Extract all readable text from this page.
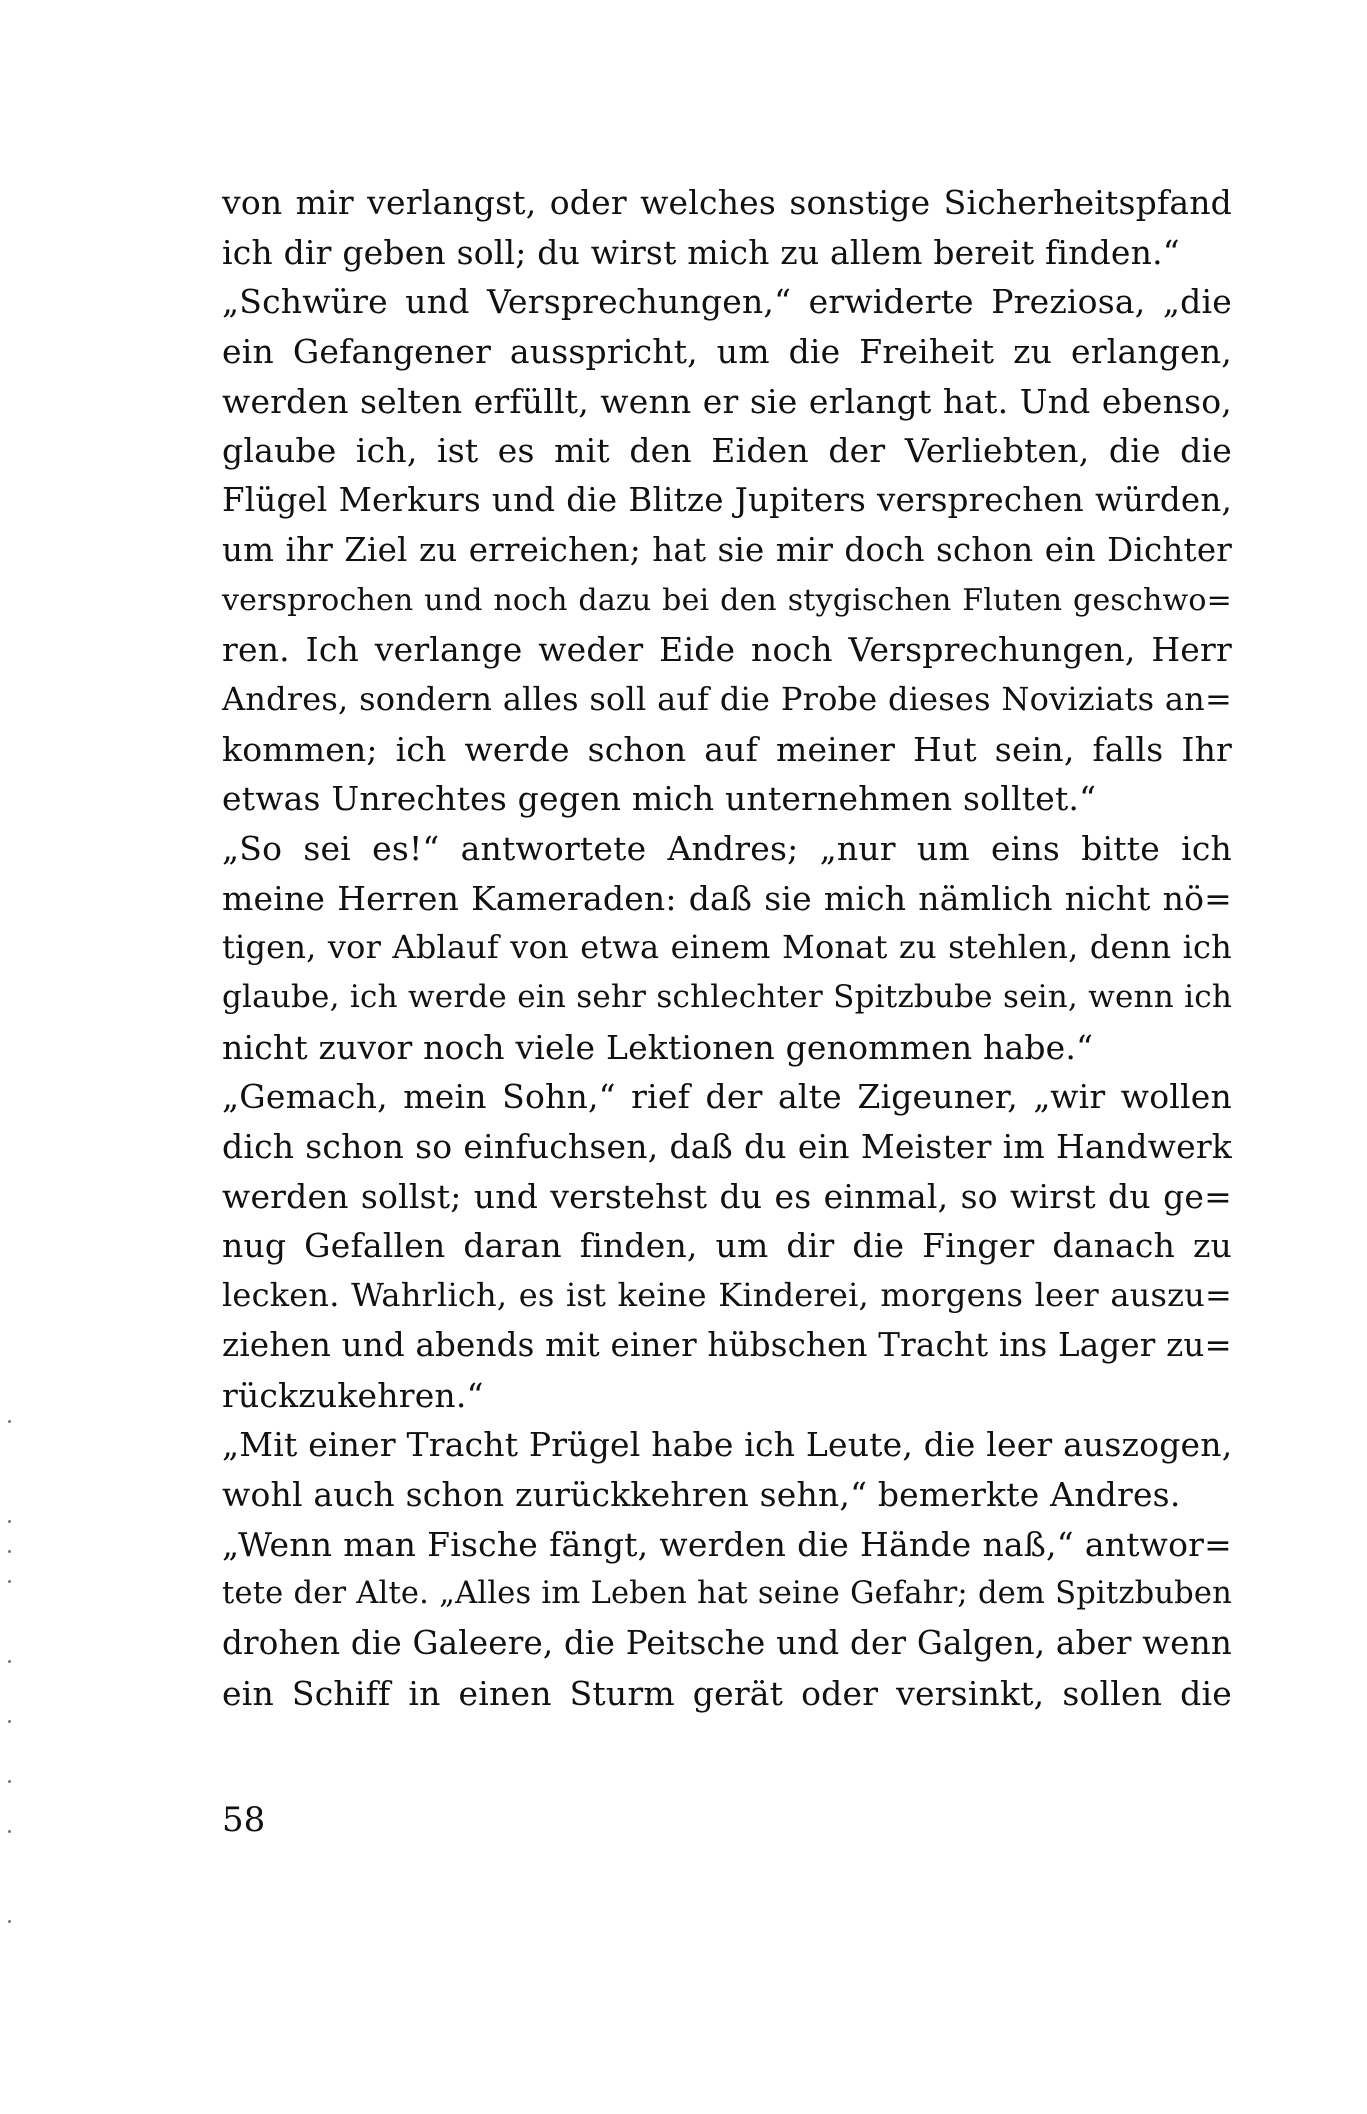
von mir verlangst, oder welches sonstige Sicherheitspfand
ich dir geben soll; du wirst mich zu allem bereit finden.“
„Schwüre und Versprechungen,“ erwiderte Preziosa, „die
ein Gefangener ausspricht, um die Freiheit zu erlangen,
werden selten erfüllt, wenn er sie erlangt hat. Und ebenso,
glaube ich, ist es mit den Eiden der Verliebten, die die
Flügel Merkurs und die Blitze Jupiters versprechen würden,
um ihr Ziel zu erreichen; hat sie mir doch schon ein Dichter
versprochen und noch dazu bei den stygischen Fluten geschwo=
ren. Ich verlange weder Eide noch Versprechungen, Herr
Andres, sondern alles soll auf die Probe dieses Noviziats an=
kommen; ich werde schon auf meiner Hut sein, falls Ihr
etwas Unrechtes gegen mich unternehmen solltet.“
„So sei es!“ antwortete Andres; „nur um eins bitte ich
meine Herren Kameraden: daß sie mich nämlich nicht nö=
tigen, vor Ablauf von etwa einem Monat zu stehlen, denn ich
glaube, ich werde ein sehr schlechter Spitzbube sein, wenn ich
nicht zuvor noch viele Lektionen genommen habe.“
„Gemach, mein Sohn,“ rief der alte Zigeuner, „wir wollen
dich schon so einfuchsen, daß du ein Meister im Handwerk
werden sollst; und verstehst du es einmal, so wirst du ge=
nug Gefallen daran finden, um dir die Finger danach zu
lecken. Wahrlich, es ist keine Kinderei, morgens leer auszu=
ziehen und abends mit einer hübschen Tracht ins Lager zu=
rückzukehren.“
„Mit einer Tracht Prügel habe ich Leute, die leer auszogen,
wohl auch schon zurückkehren sehn,“ bemerkte Andres.
„Wenn man Fische fängt, werden die Hände naß,“ antwor=
tete der Alte. „Alles im Leben hat seine Gefahr; dem Spitzbuben
drohen die Galeere, die Peitsche und der Galgen, aber wenn
ein Schiff in einen Sturm gerät oder versinkt, sollen die
58
